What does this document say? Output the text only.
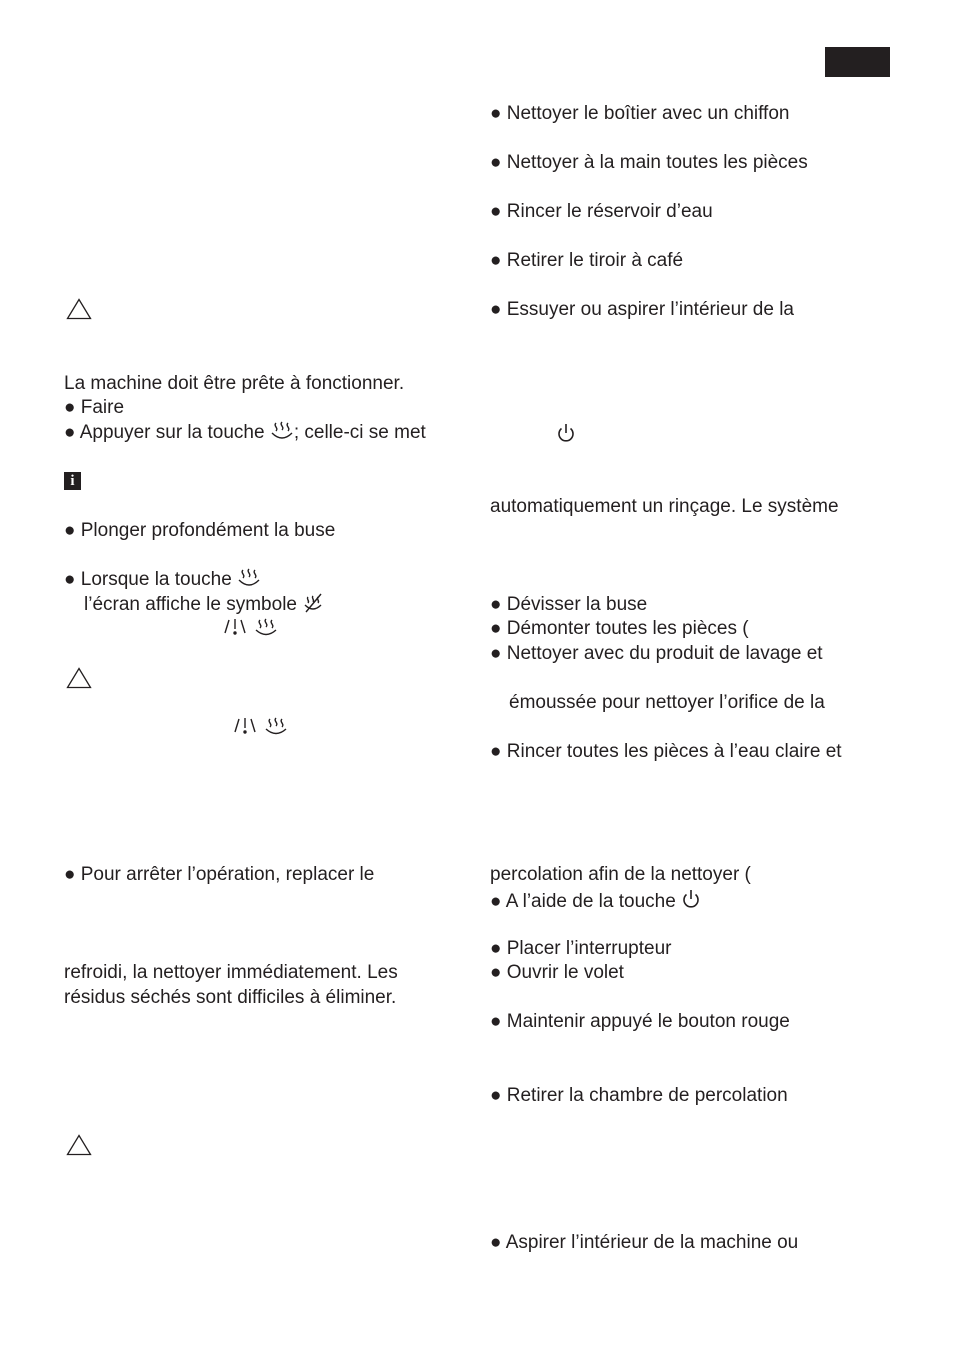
i
La machine doit être prête à fonctionner.
● Faire
● Appuyer sur la touche ; celle-ci se met
● Plonger profondément la buse
● Lorsque la touche
l’écran affiche le symbole
● Pour arrêter l’opération, replacer le
refroidi, la nettoyer immédiatement. Les
résidus séchés sont difficiles à éliminer.
● Nettoyer le boîtier avec un chiffon
● Nettoyer à la main toutes les pièces
● Rincer le réservoir d’eau
● Retirer le tiroir à café
● Essuyer ou aspirer l’intérieur de la
automatiquement un rinçage. Le système
● Dévisser la buse
● Démonter toutes les pièces (
● Nettoyer avec du produit de lavage et
émoussée pour nettoyer l’orifice de la
● Rincer toutes les pièces à l’eau claire et
percolation afin de la nettoyer (
● A l’aide de la touche
● Placer l’interrupteur
● Ouvrir le volet
● Maintenir appuyé le bouton rouge
● Retirer la chambre de percolation
● Aspirer l’intérieur de la machine ou
